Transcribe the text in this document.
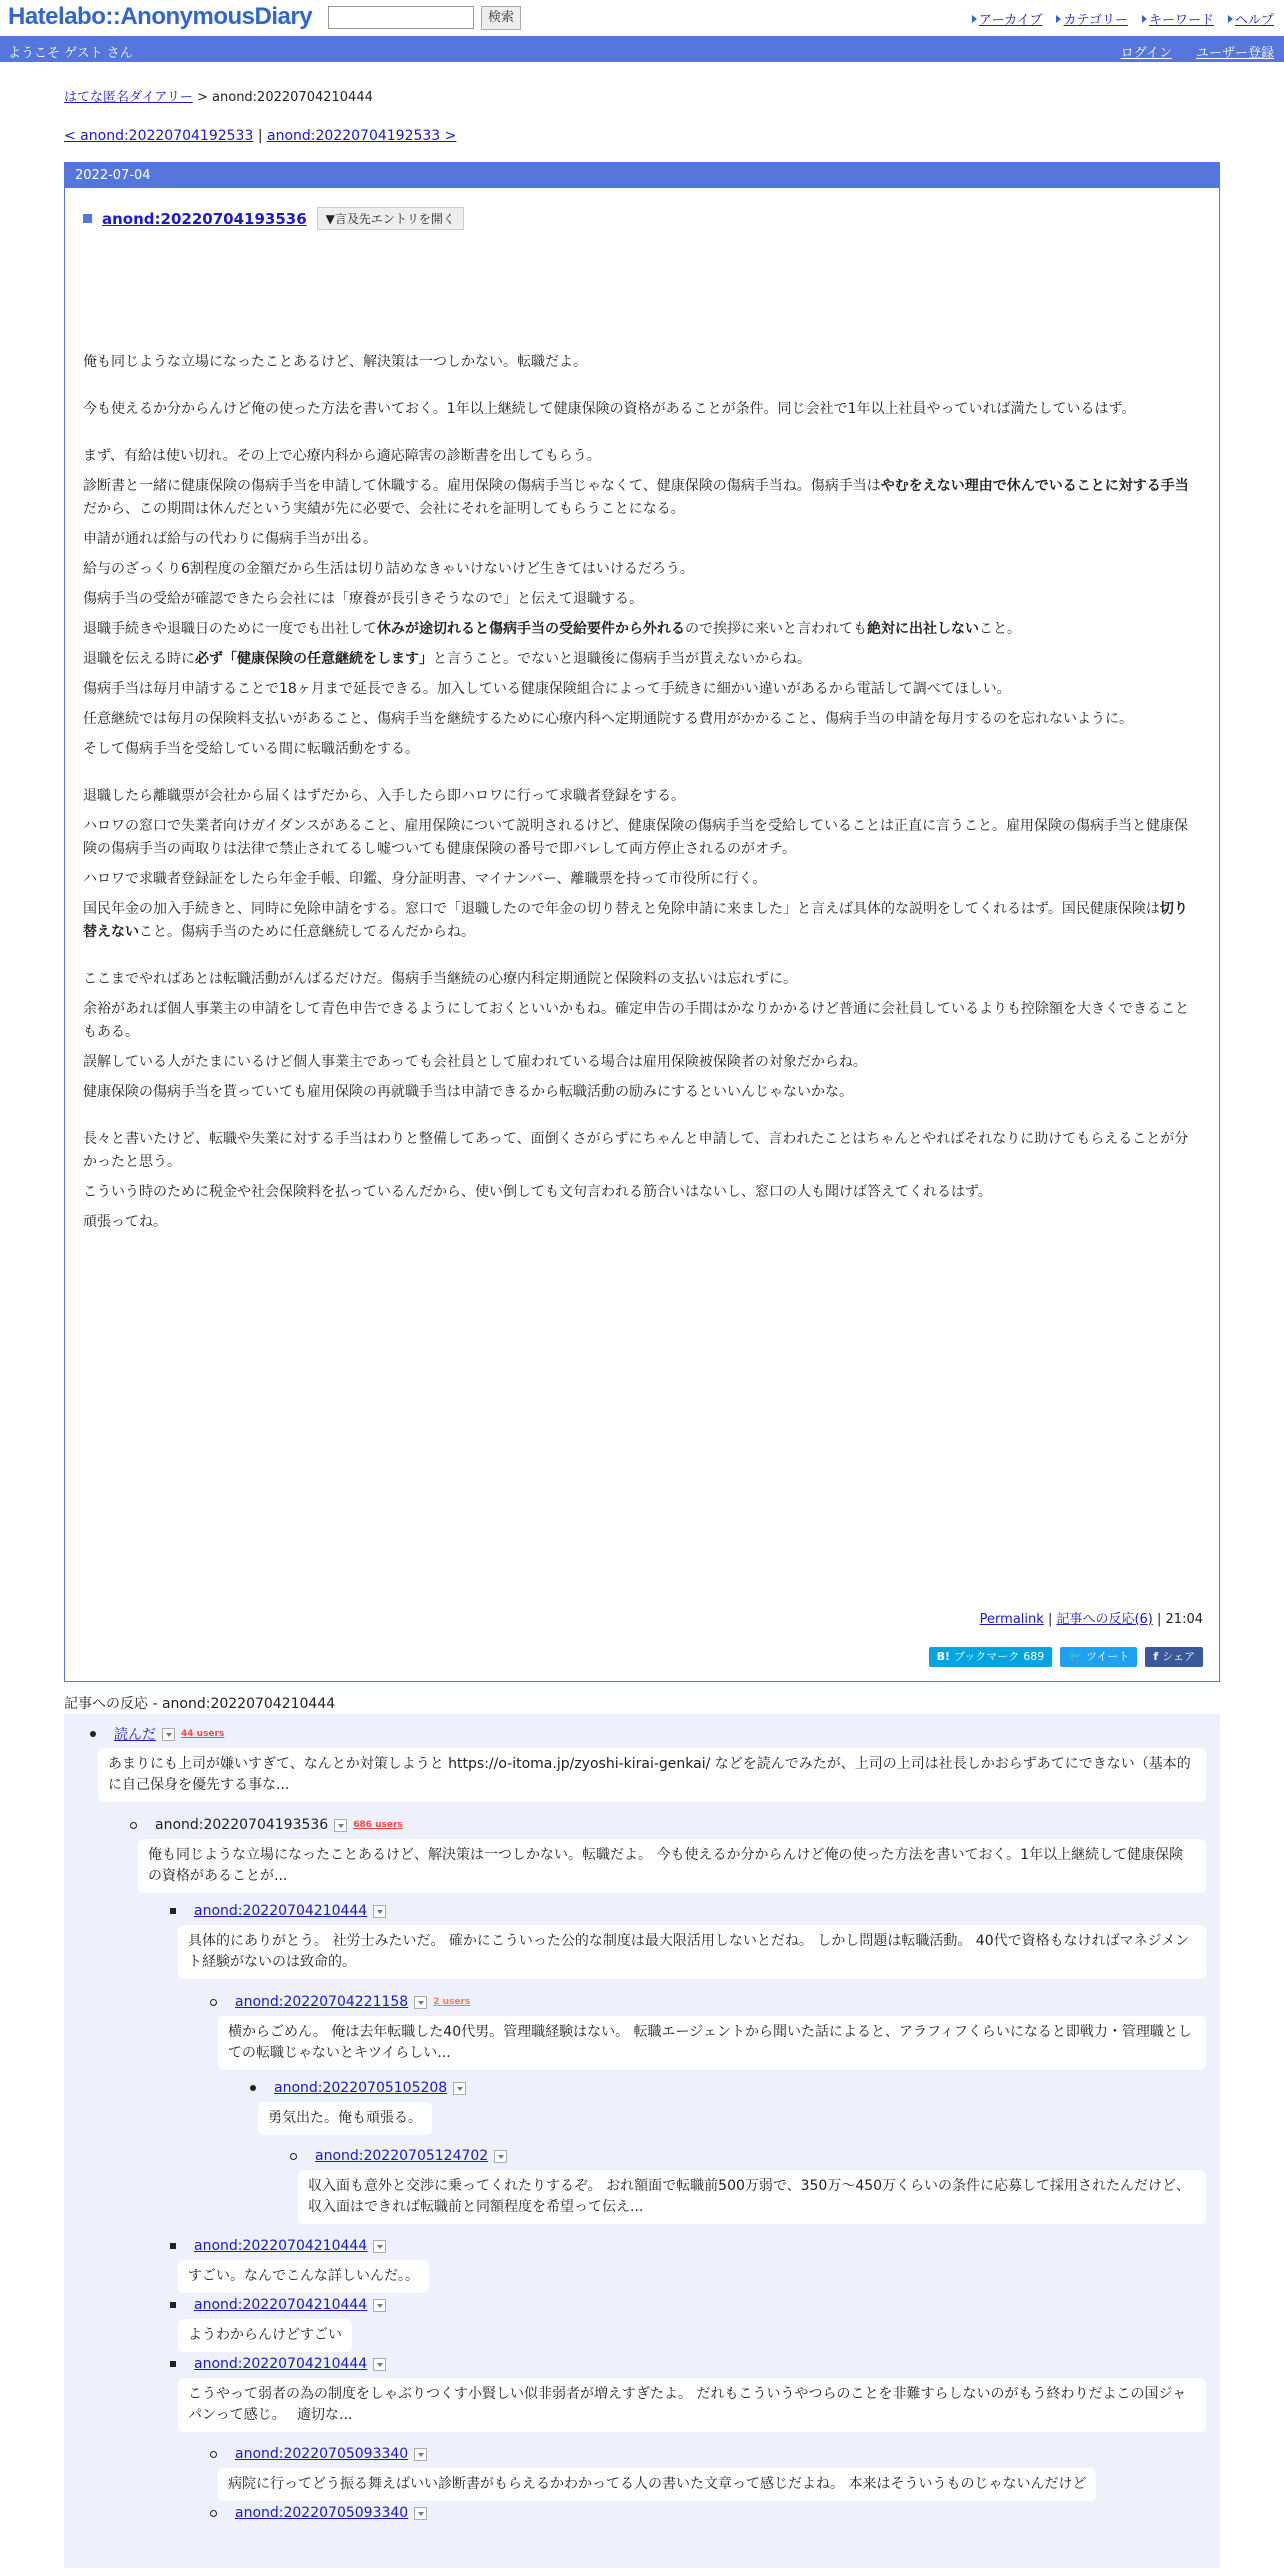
Hatelabo::AnonymousDiary	検索	アーカイブ カテゴリー キーワード ヘルプ
ようこそ ゲスト さん	ログイン ユーザー登録
はてな匿名ダイアリー > anond:20220704210444
< anond:20220704192533 | anond:20220704192533 >
2022-07-04
anond:20220704193536	▼言及先エントリを開く

俺も同じような立場になったことあるけど、解決策は一つしかない。転職だよ。

今も使えるか分からんけど俺の使った方法を書いておく。1年以上継続して健康保険の資格があることが条件。同じ会社で1年以上社員やっていれば満たしているはず。

まず、有給は使い切れ。その上で心療内科から適応障害の診断書を出してもらう。

診断書と一緒に健康保険の傷病手当を申請して休職する。雇用保険の傷病手当じゃなくて、健康保険の傷病手当ね。傷病手当はやむをえない理由で休んでいることに対する手当だから、この期間は休んだという実績が先に必要で、会社にそれを証明してもらうことになる。

申請が通れば給与の代わりに傷病手当が出る。

給与のざっくり6割程度の金額だから生活は切り詰めなきゃいけないけど生きてはいけるだろう。

傷病手当の受給が確認できたら会社には「療養が長引きそうなので」と伝えて退職する。

退職手続きや退職日のために一度でも出社して休みが途切れると傷病手当の受給要件から外れるので挨拶に来いと言われても絶対に出社しないこと。

退職を伝える時に必ず「健康保険の任意継続をします」と言うこと。でないと退職後に傷病手当が貰えないからね。

傷病手当は毎月申請することで18ヶ月まで延長できる。加入している健康保険組合によって手続きに細かい違いがあるから電話して調べてほしい。

任意継続では毎月の保険料支払いがあること、傷病手当を継続するために心療内科へ定期通院する費用がかかること、傷病手当の申請を毎月するのを忘れないように。

そして傷病手当を受給している間に転職活動をする。

退職したら離職票が会社から届くはずだから、入手したら即ハロワに行って求職者登録をする。

ハロワの窓口で失業者向けガイダンスがあること、雇用保険について説明されるけど、健康保険の傷病手当を受給していることは正直に言うこと。雇用保険の傷病手当と健康保険の傷病手当の両取りは法律で禁止されてるし嘘ついても健康保険の番号で即バレして両方停止されるのがオチ。

ハロワで求職者登録証をしたら年金手帳、印鑑、身分証明書、マイナンバー、離職票を持って市役所に行く。

国民年金の加入手続きと、同時に免除申請をする。窓口で「退職したので年金の切り替えと免除申請に来ました」と言えば具体的な説明をしてくれるはず。国民健康保険は切り替えないこと。傷病手当のために任意継続してるんだからね。

ここまでやればあとは転職活動がんばるだけだ。傷病手当継続の心療内科定期通院と保険料の支払いは忘れずに。

余裕があれば個人事業主の申請をして青色申告できるようにしておくといいかもね。確定申告の手間はかなりかかるけど普通に会社員しているよりも控除額を大きくできることもある。

誤解している人がたまにいるけど個人事業主であっても会社員として雇われている場合は雇用保険被保険者の対象だからね。

健康保険の傷病手当を貰っていても雇用保険の再就職手当は申請できるから転職活動の励みにするといいんじゃないかな。

長々と書いたけど、転職や失業に対する手当はわりと整備してあって、面倒くさがらずにちゃんと申請して、言われたことはちゃんとやればそれなりに助けてもらえることが分かったと思う。

こういう時のために税金や社会保険料を払っているんだから、使い倒しても文句言われる筋合いはないし、窓口の人も聞けば答えてくれるはず。

頑張ってね。

Permalink | 記事への反応(6) | 21:04
B! ブックマーク 689 🐦 ツイート f シェア
記事への反応 - anond:20220704210444
読んだ	44 users
あまりにも上司が嫌いすぎて、なんとか対策しようと https://o-itoma.jp/zyoshi-kirai-genkai/ などを読んでみたが、上司の上司は社長しかおらずあてにできない（基本的に自己保身を優先する事な...
anond:20220704193536	686 users
俺も同じような立場になったことあるけど、解決策は一つしかない。転職だよ。 今も使えるか分からんけど俺の使った方法を書いておく。1年以上継続して健康保険の資格があることが...
anond:20220704210444
具体的にありがとう。 社労士みたいだ。 確かにこういった公的な制度は最大限活用しないとだね。 しかし問題は転職活動。 40代で資格もなければマネジメント経験がないのは致命的。
anond:20220704221158	2 users
横からごめん。 俺は去年転職した40代男。管理職経験はない。 転職エージェントから聞いた話によると、アラフィフくらいになると即戦力・管理職としての転職じゃないとキツイらしい...
anond:20220705105208
勇気出た。俺も頑張る。
anond:20220705124702
収入面も意外と交渉に乗ってくれたりするぞ。 おれ額面で転職前500万弱で、350万～450万くらいの条件に応募して採用されたんだけど、収入面はできれば転職前と同額程度を希望って伝え...
anond:20220704210444
すごい。なんでこんな詳しいんだ。。
anond:20220704210444
ようわからんけどすごい
anond:20220704210444
こうやって弱者の為の制度をしゃぶりつくす小賢しい似非弱者が増えすぎたよ。 だれもこういうやつらのことを非難すらしないのがもう終わりだよこの国ジャパンって感じ。　 適切な...
anond:20220705093340
病院に行ってどう振る舞えばいい診断書がもらえるかわかってる人の書いた文章って感じだよね。 本来はそういうものじゃないんだけど
anond:20220705093340
